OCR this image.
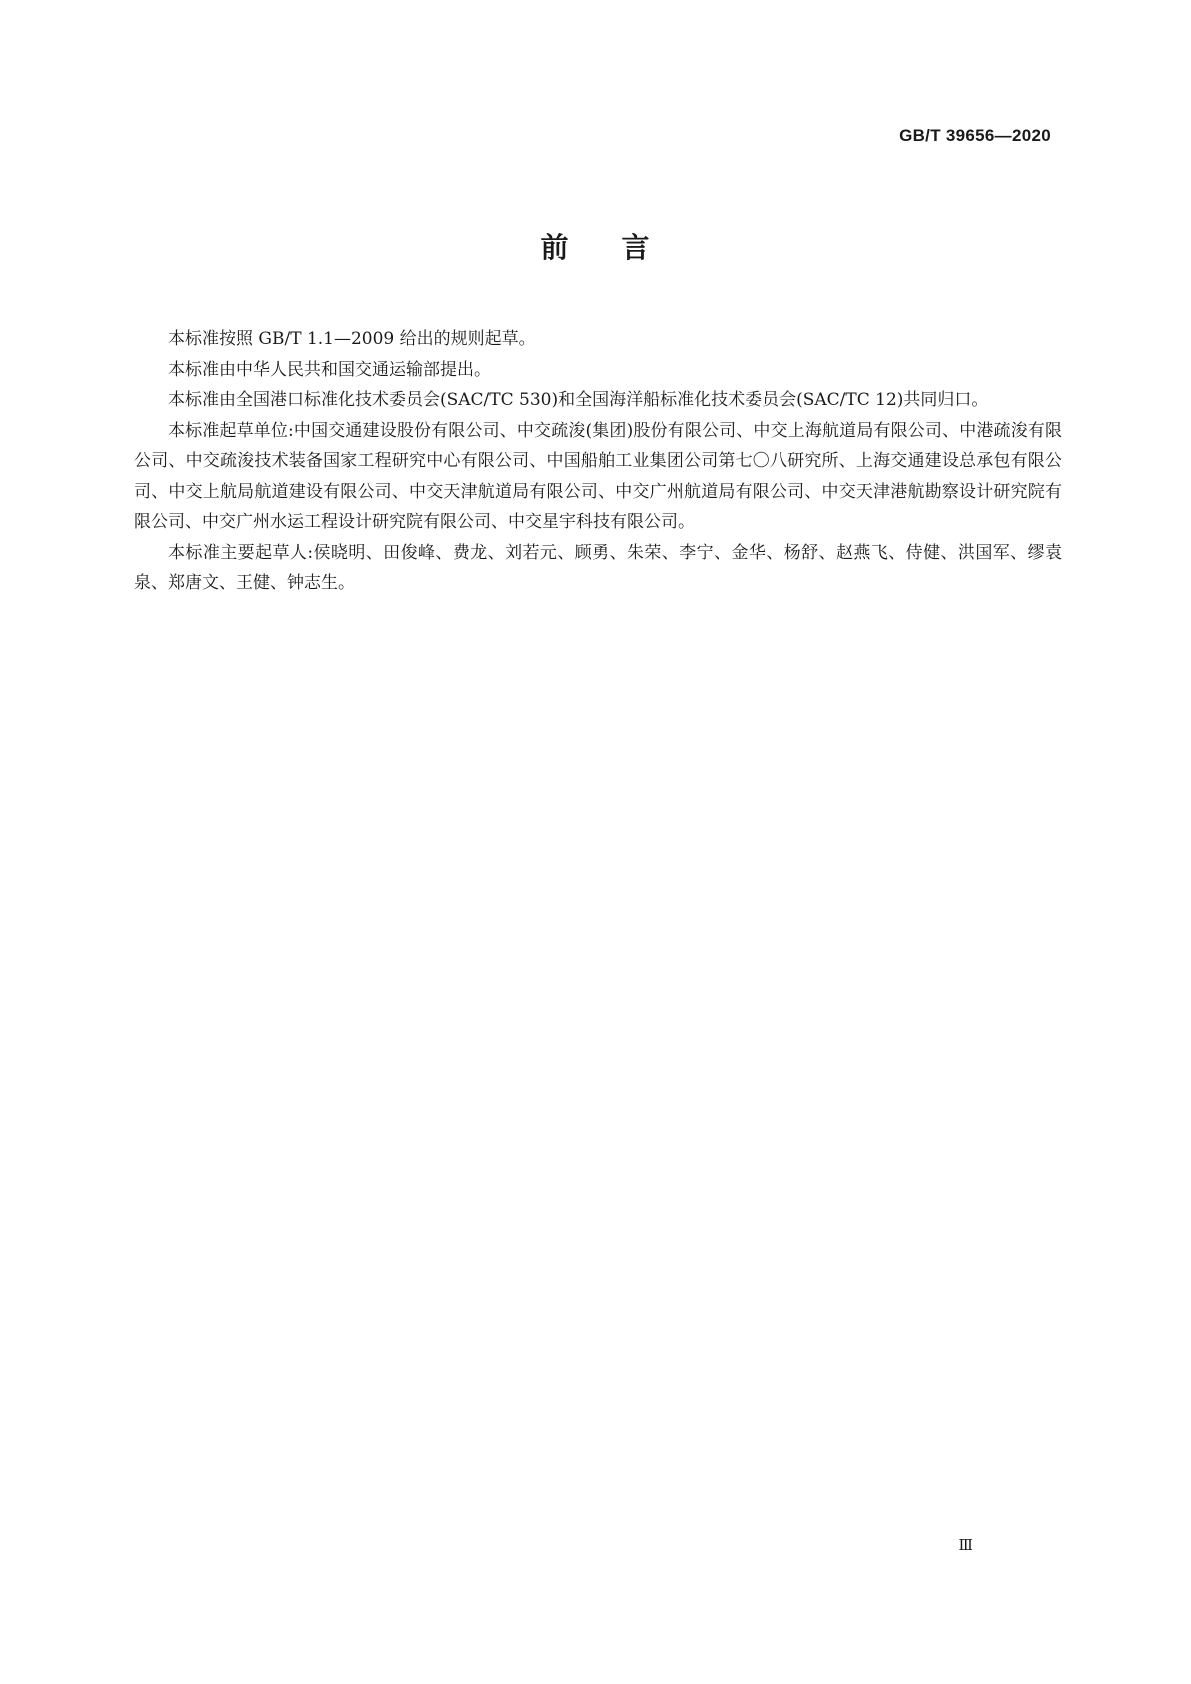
GB/T 39656—2020
前 言

本标准按照 GB/T 1.1—2009 给出的规则起草。

本标准由中华人民共和国交通运输部提出。

本标准由全国港口标准化技术委员会(SAC/TC 530)和全国海洋船标准化技术委员会(SAC/TC 12)共同归口。

本标准起草单位:中国交通建设股份有限公司、中交疏浚(集团)股份有限公司、中交上海航道局有限公司、中港疏浚有限公司、中交疏浚技术装备国家工程研究中心有限公司、中国船舶工业集团公司第七〇八研究所、上海交通建设总承包有限公司、中交上航局航道建设有限公司、中交天津航道局有限公司、中交广州航道局有限公司、中交天津港航勘察设计研究院有限公司、中交广州水运工程设计研究院有限公司、中交星宇科技有限公司。

本标准主要起草人:侯晓明、田俊峰、费龙、刘若元、顾勇、朱荣、李宁、金华、杨舒、赵燕飞、侍健、洪国军、缪袁泉、郑唐文、王健、钟志生。

Ⅲ
